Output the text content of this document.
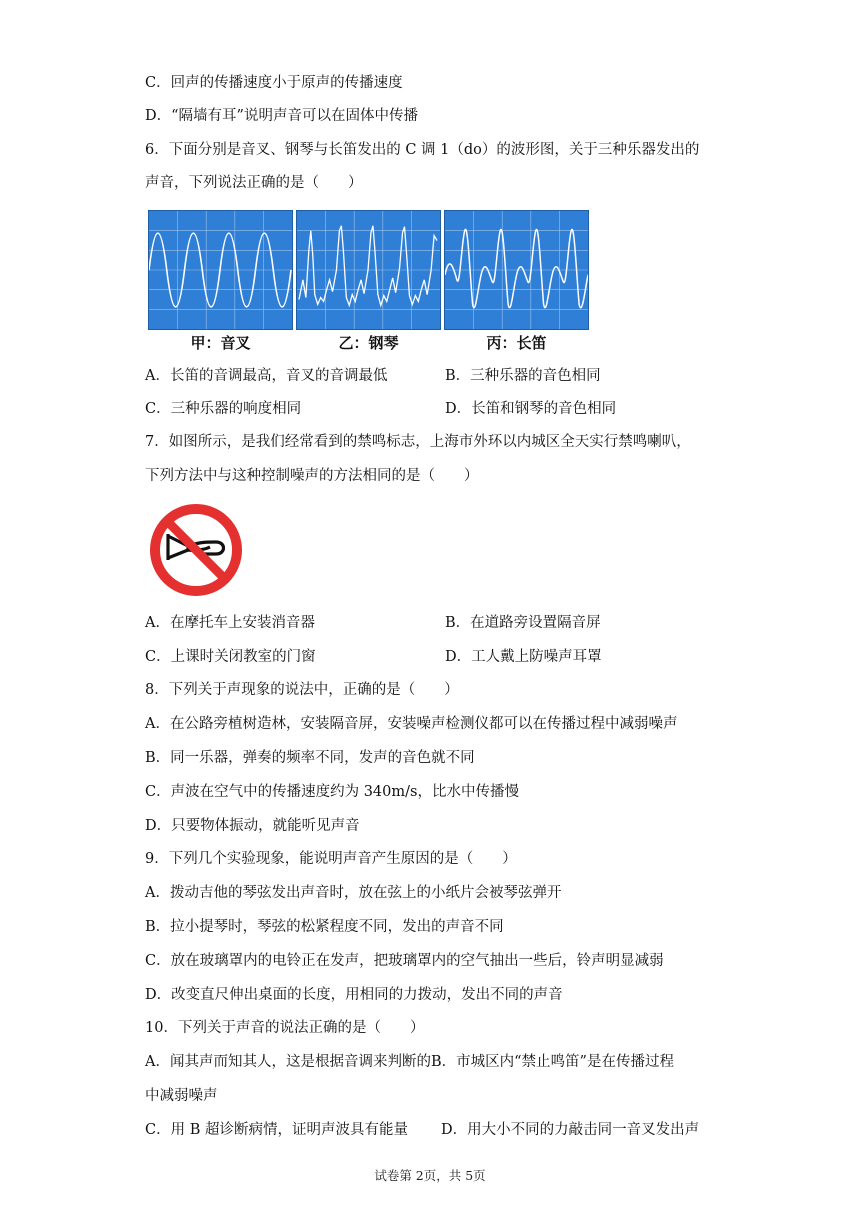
C．回声的传播速度小于原声的传播速度
D．“隔墙有耳”说明声音可以在固体中传播
6．下面分别是音叉、钢琴与长笛发出的 C 调 1（do）的波形图，关于三种乐器发出的
声音，下列说法正确的是（　　）
甲：音叉	乙：钢琴	丙：长笛
A．长笛的音调最高，音叉的音调最低	B．三种乐器的音色相同
C．三种乐器的响度相同	D．长笛和钢琴的音色相同
7．如图所示，是我们经常看到的禁鸣标志，上海市外环以内城区全天实行禁鸣喇叭，
下列方法中与这种控制噪声的方法相同的是（　　）
A．在摩托车上安装消音器	B．在道路旁设置隔音屏
C．上课时关闭教室的门窗	D．工人戴上防噪声耳罩
8．下列关于声现象的说法中，正确的是（　　）
A．在公路旁植树造林，安装隔音屏，安装噪声检测仪都可以在传播过程中减弱噪声
B．同一乐器，弹奏的频率不同，发声的音色就不同
C．声波在空气中的传播速度约为 340m/s，比水中传播慢
D．只要物体振动，就能听见声音
9．下列几个实验现象，能说明声音产生原因的是（　　）
A．拨动吉他的琴弦发出声音时，放在弦上的小纸片会被琴弦弹开
B．拉小提琴时，琴弦的松紧程度不同，发出的声音不同
C．放在玻璃罩内的电铃正在发声，把玻璃罩内的空气抽出一些后，铃声明显减弱
D．改变直尺伸出桌面的长度，用相同的力拨动，发出不同的声音
10．下列关于声音的说法正确的是（　　）
A．闻其声而知其人，这是根据音调来判断的B．市城区内“禁止鸣笛”是在传播过程
中减弱噪声
C．用 B 超诊断病情，证明声波具有能量 D．用大小不同的力敲击同一音叉发出声
试卷第 2页，共 5页
